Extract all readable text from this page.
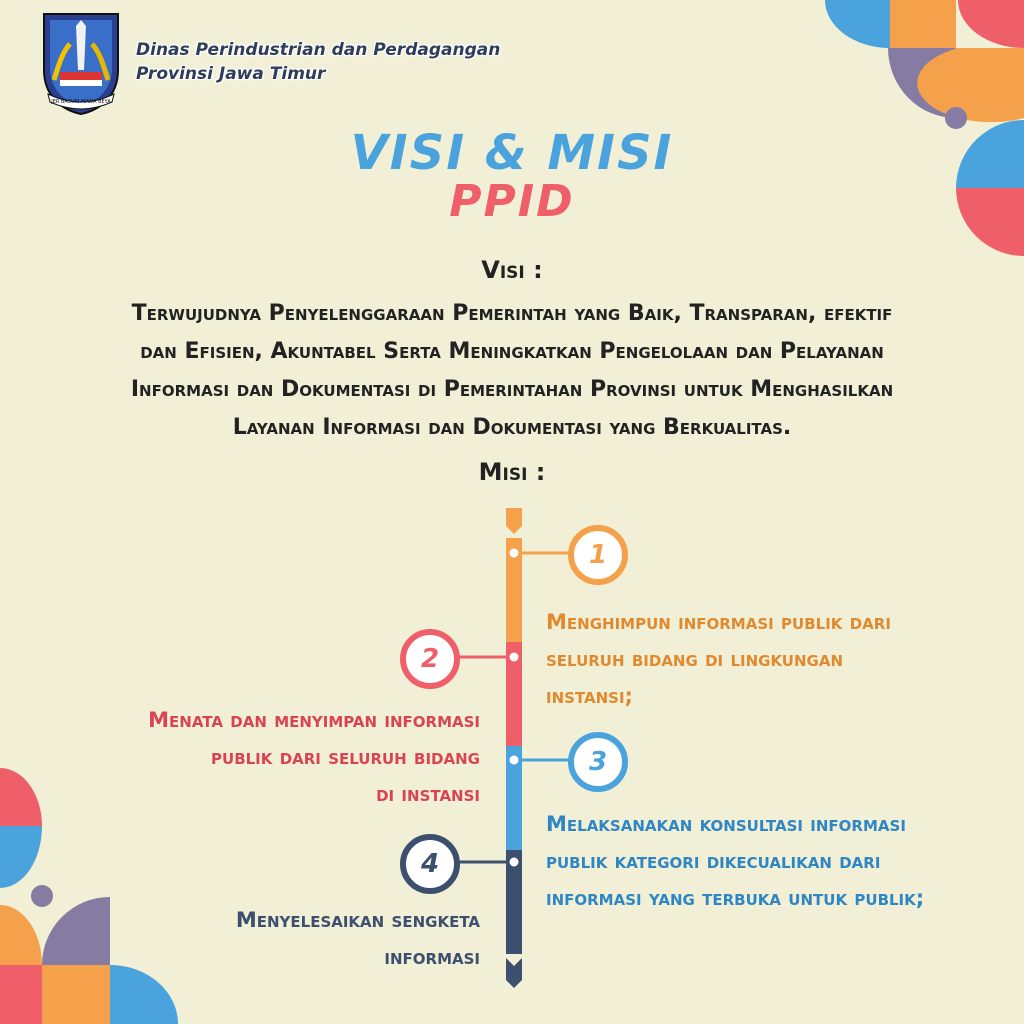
JER BASUKI MAWA BEYA
Dinas Perindustrian dan Perdagangan
Provinsi Jawa Timur
VISI & MISI
PPID
Visi :
Terwujudnya Penyelenggaraan Pemerintah yang Baik, Transparan, efektif
dan Efisien, Akuntabel Serta Meningkatkan Pengelolaan dan Pelayanan
Informasi dan Dokumentasi di Pemerintahan Provinsi untuk Menghasilkan
Layanan Informasi dan Dokumentasi yang Berkualitas.
Misi :
1
2
3
4
Menghimpun informasi publik dari
seluruh bidang di lingkungan
instansi;
Menata dan menyimpan informasi
publik dari seluruh bidang
di instansi
Melaksanakan konsultasi informasi
publik kategori dikecualikan dari
informasi yang terbuka untuk publik;
Menyelesaikan sengketa
informasi
